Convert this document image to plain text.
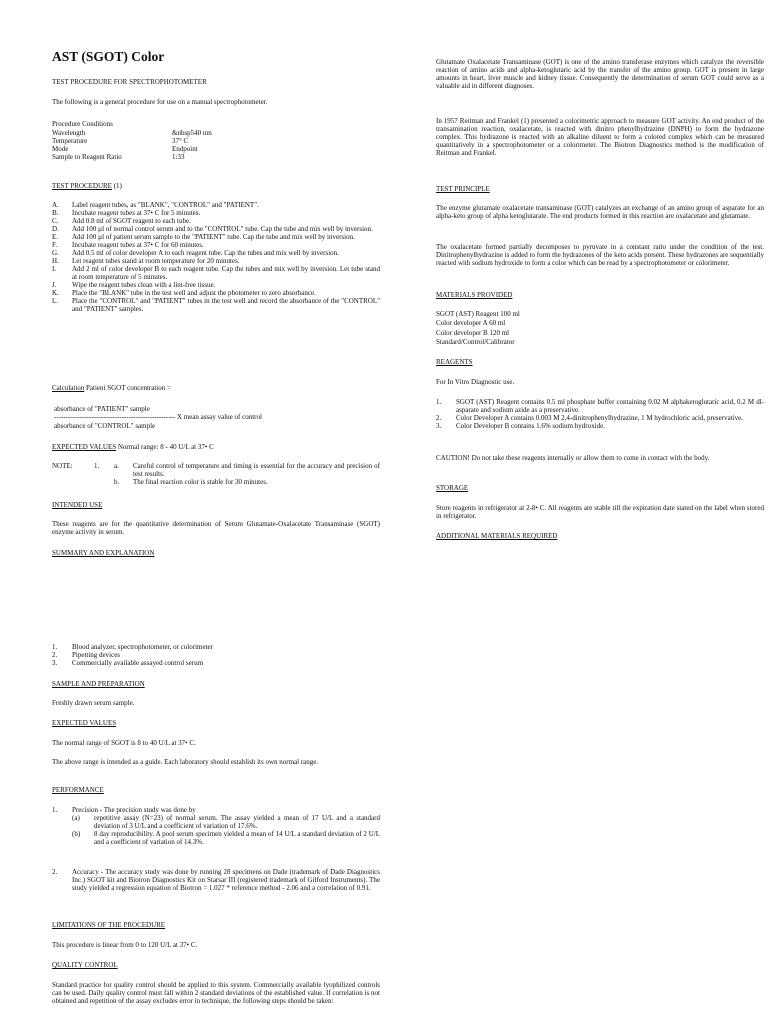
AST (SGOT) Color
TEST PROCEDURE FOR SPECTROPHOTOMETER
The following is a general procedure for use on a manual spectrophotometer.
Procedure Conditions
Wavelength	&nbsp540 nm
Temperature	37° C
Mode	Endpoint
Sample to Reagent Ratio	1:33
TEST PROCEDURE (1)
A. Label reagent tubes, as "BLANK", "CONTROL" and "PATIENT".
B. Incubate reagent tubes at 37• C for 5 minutes.
C. Add 0.8 ml of SGOT reagent to each tube.
D. Add 100 µl of normal control serum and to the "CONTROL" tube. Cap the tube and mix well by inversion.
E. Add 100 µl of patient serum sample to the "PATIENT" tube. Cap the tube and mix well by inversion.
F. Incubate reagent tubes at 37• C for 60 minutes.
G. Add 0.5 ml of color developer A to each reagent tube. Cap the tubes and mix well by inversion.
H. Let reagent tubes stand at room temperature for 20 minutes.
I. Add 2 ml of color developer B to each reagent tube. Cap the tubes and mix well by inversion. Let tube stand at room temperature of 5 minutes.
J. Wipe the reagent tubes clean with a lint-free tissue.
K. Place the "BLANK" tube in the test well and adjust the photometer to zero absorbance.
L. Place the "CONTROL" and "PATIENT" tubes in the test well and record the absorbance of the "CONTROL" and "PATIENT" samples.
Calculation Patient SGOT concentration =
absorbance of "PATIENT" sample
---------------------------------------------------- X mean assay value of control
absorbance of "CONTROL" sample
EXPECTED VALUES Normal range: 8 - 40 U/L at 37• C
NOTE:	1. a. Careful control of temperature and timing is essential for the accuracy and precision of test results.
b. The final reaction color is stable for 30 minutes.
INTENDED USE
These reagents are for the quantitative determination of Serum Glutamate-Oxalacetate Transaminase (SGOT) enzyme activity in serum.
SUMMARY AND EXPLANATION
1. Blood analyzer, spectrophotometer, or colorimeter
2. Pipetting devices
3. Commercially available assayed control serum
SAMPLE AND PREPARATION
Freshly drawn serum sample.
EXPECTED VALUES
The normal range of SGOT is 8 to 40 U/L at 37• C.
The above range is intended as a guide. Each laboratory should establish its own normal range.
PERFORMANCE
1. Precision - The precision study was done by
(a) repetitive assay (N=23) of normal serum. The assay yielded a mean of 17 U/L and a standard deviation of 3 U/L and a coefficient of variation of 17.6%.
(b) 8 day reproducibility. A pool serum specimen yielded a mean of 14 U/L a standard deviation of 2 U/L and a coefficient of variation of 14.3%.
2. Accuracy - The accuracy study was done by running 28 specimens on Dade (trademark of Dade Diagnostics Inc.) SGOT kit and Biotron Diagnostics Kit on Starsar III (registered trademark of Gilford Instruments). The study yielded a regression equation of Biotron = 1.027 * reference method - 2.06 and a correlation of 0.91.
LIMITATIONS OF THE PROCEDURE
This procedure is linear from 0 to 120 U/L at 37• C.
QUALITY CONTROL
Standard practice for quality control should be applied to this system. Commercially available lyophilized controls can be used. Daily quality control must fall within 2 standard deviations of the established value. If correlation is not obtained and repetition of the assay excludes error in technique, the following steps should be taken:
Glutamate Oxalacetate Transaminase (GOT) is one of the amino transferase enzymes which catalyze the reversible reaction of amino acids and alpha-ketoglutaric acid by the transfer of the amino group. GOT is present in large amounts in heart, liver muscle and kidney tissue. Consequently the determination of serum GOT could serve as a valuable aid in different diagnoses.
In 1957 Reitman and Frankel (1) presented a colorimetric approach to measure GOT activity. An end product of the transamination reaction, oxalacetate, is reacted with dinitro phenylhydrazine (DNPH) to form the hydrazone complex. This hydrazone is reacted with an alkaline diluent to form a colored complex which can be measured quantitatively in a spectrophotometer or a colorimeter. The Biotron Diagnostics method is the modification of Reitman and Frankel.
TEST PRINCIPLE
The enzyme glutamate oxalacetate transaminase (GOT) catalyzes an exchange of an amino group of asparate for an alpha-keto group of alpha ketoglutarate. The end products formed in this reaction are oxalacetate and glutamate.
The oxalacetate formed partially decomposes to pyruvate in a constant ratio under the condition of the test. Dinitrophenylhydrazine is added to form the hydrazones of the keto acids present. These hydrazones are sequentially reacted with sodium hydroxide to form a color which can be read by a spectrophotometer or colorimeter.
MATERIALS PROVIDED
SGOT (AST) Reagent 100 ml
Color developer A 60 ml
Color developer B 120 ml
Standard/Control/Calibrator
REAGENTS
For In Vitro Diagnostic use.
1. SGOT (AST) Reagent contains 0.5 ml phosphate buffer containing 0.02 M alphaketoglutaric acid, 0.2 M dl-asparate and sodium azide as a preservative.
2. Color Developer A contains 0.003 M 2,4-dinitrophenylhydrazine, 1 M hydrochloric acid, preservative.
3. Color Developer B contains 1.6% sodium hydroxide.
CAUTION! Do not take these reagents internally or allow them to come in contact with the body.
STORAGE
Store reagents in refrigerator at 2-8• C. All reagents are stable till the expiration date stated on the label when stored in refrigerator.
ADDITIONAL MATERIALS REQUIRED
